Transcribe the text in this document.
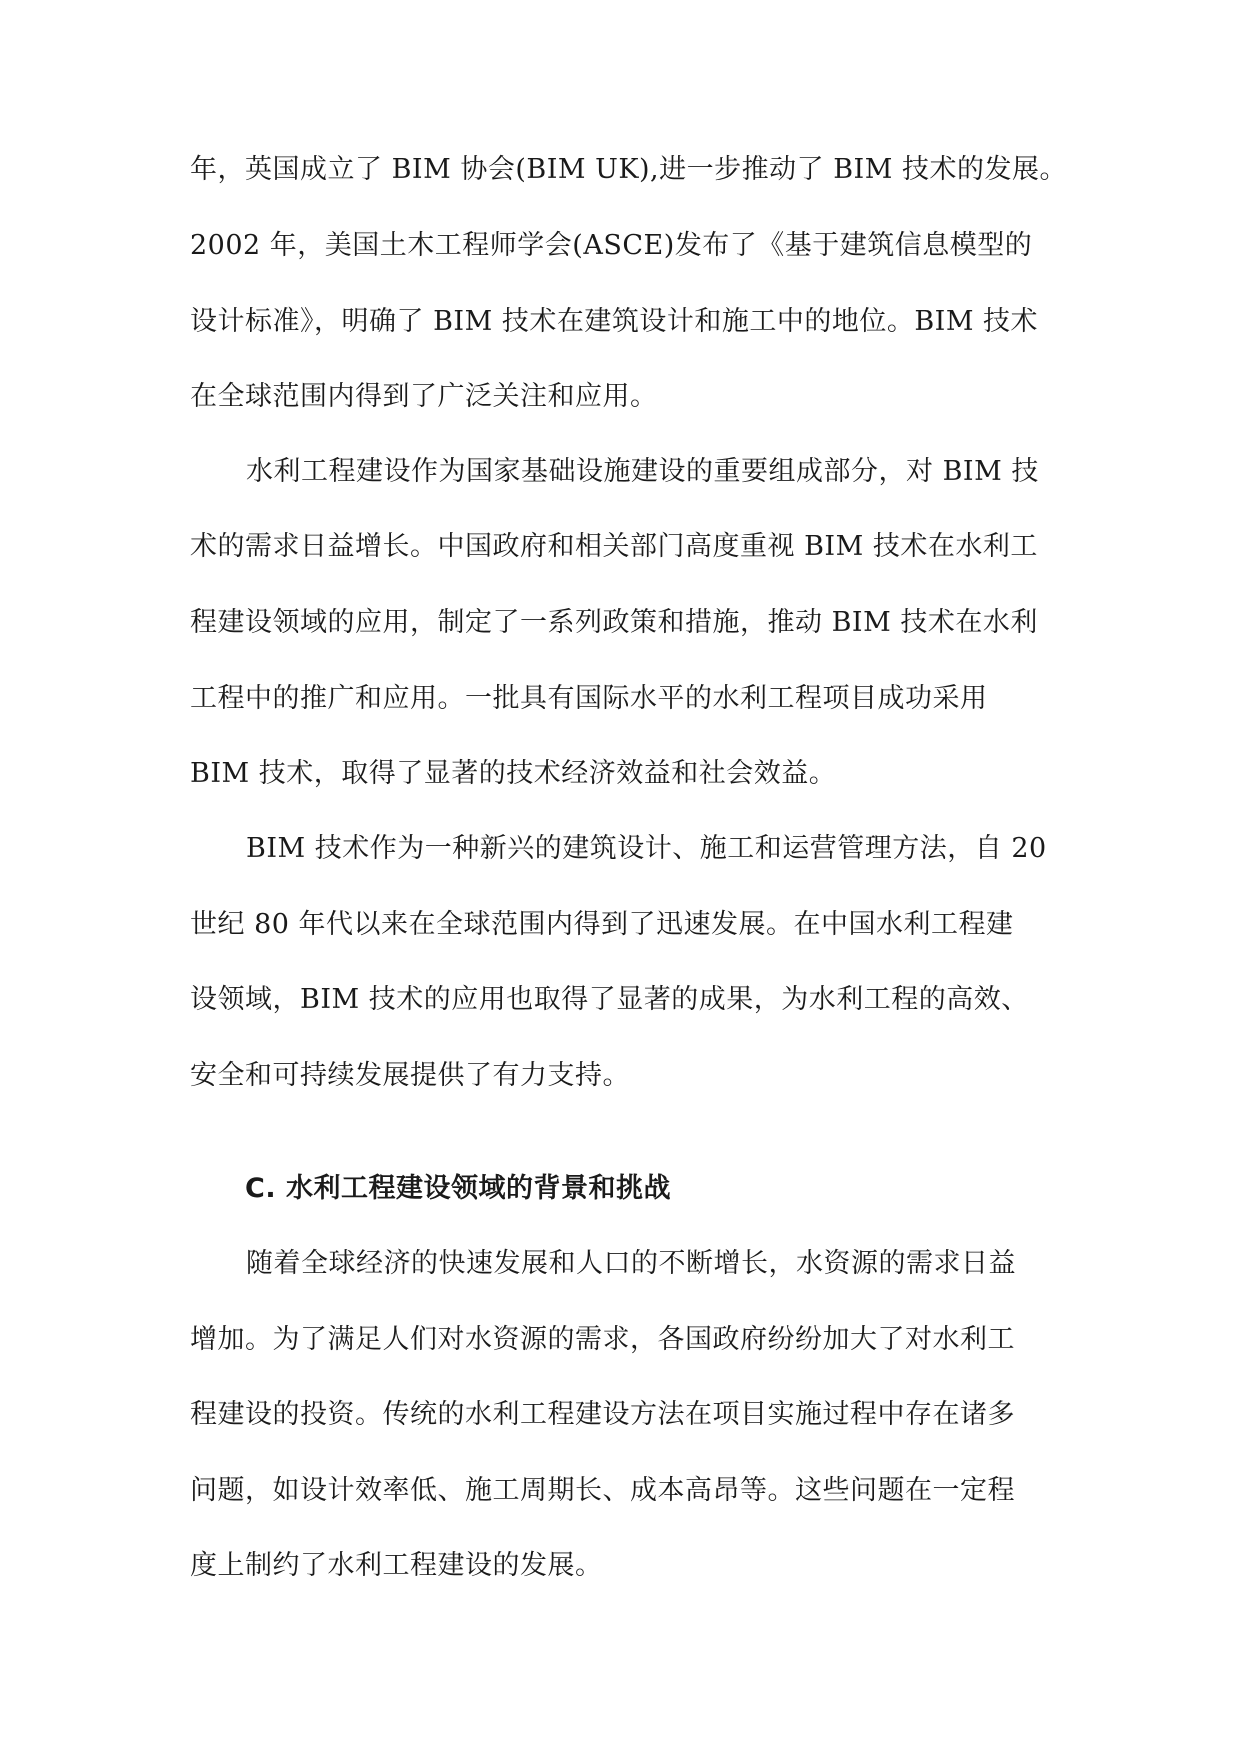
年，英国成立了 BIM 协会(BIM UK),进一步推动了 BIM 技术的发展。
2002 年，美国土木工程师学会(ASCE)发布了《基于建筑信息模型的
设计标准》，明确了 BIM 技术在建筑设计和施工中的地位。BIM 技术
在全球范围内得到了广泛关注和应用。
水利工程建设作为国家基础设施建设的重要组成部分，对 BIM 技
术的需求日益增长。中国政府和相关部门高度重视 BIM 技术在水利工
程建设领域的应用，制定了一系列政策和措施，推动 BIM 技术在水利
工程中的推广和应用。一批具有国际水平的水利工程项目成功采用
BIM 技术，取得了显著的技术经济效益和社会效益。
BIM 技术作为一种新兴的建筑设计、施工和运营管理方法，自 20
世纪 80 年代以来在全球范围内得到了迅速发展。在中国水利工程建
设领域，BIM 技术的应用也取得了显著的成果，为水利工程的高效、
安全和可持续发展提供了有力支持。
C. 水利工程建设领域的背景和挑战
随着全球经济的快速发展和人口的不断增长，水资源的需求日益
增加。为了满足人们对水资源的需求，各国政府纷纷加大了对水利工
程建设的投资。传统的水利工程建设方法在项目实施过程中存在诸多
问题，如设计效率低、施工周期长、成本高昂等。这些问题在一定程
度上制约了水利工程建设的发展。
